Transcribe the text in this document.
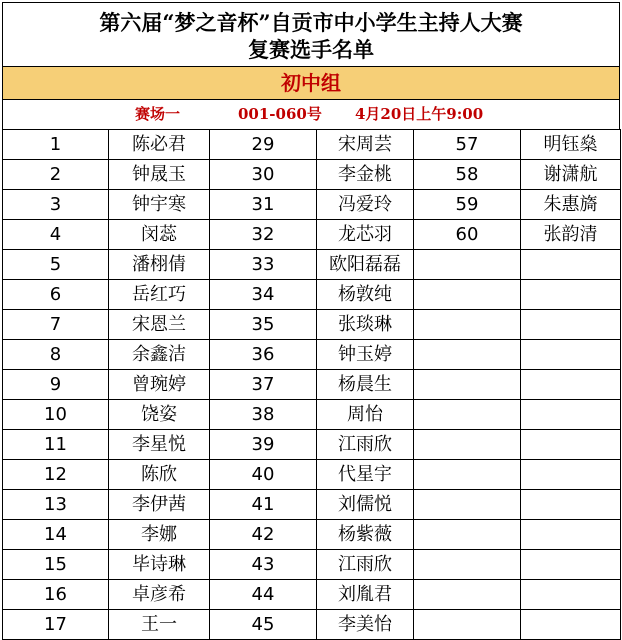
第六届“梦之音杯”自贡市中小学生主持人大赛
复赛选手名单
初中组
赛场一	001-060号 4月20日上午9:00
1	陈必君	29	宋周芸	57	明钰燊
2	钟晟玉	30	李金桃	58	谢潇航
3	钟宇寒	31	冯爱玲	59	朱惠旖
4	闵蕊	32	龙芯羽	60	张韵清
5	潘栩倩	33	欧阳磊磊		
6	岳红巧	34	杨敦纯		
7	宋恩兰	35	张琰琳		
8	余鑫洁	36	钟玉婷		
9	曾琬婷	37	杨晨生		
10	饶姿	38	周怡		
11	李星悦	39	江雨欣		
12	陈欣	40	代星宇		
13	李伊茜	41	刘儒悦		
14	李娜	42	杨紫薇		
15	毕诗琳	43	江雨欣		
16	卓彦希	44	刘胤君		
17	王一	45	李美怡		
